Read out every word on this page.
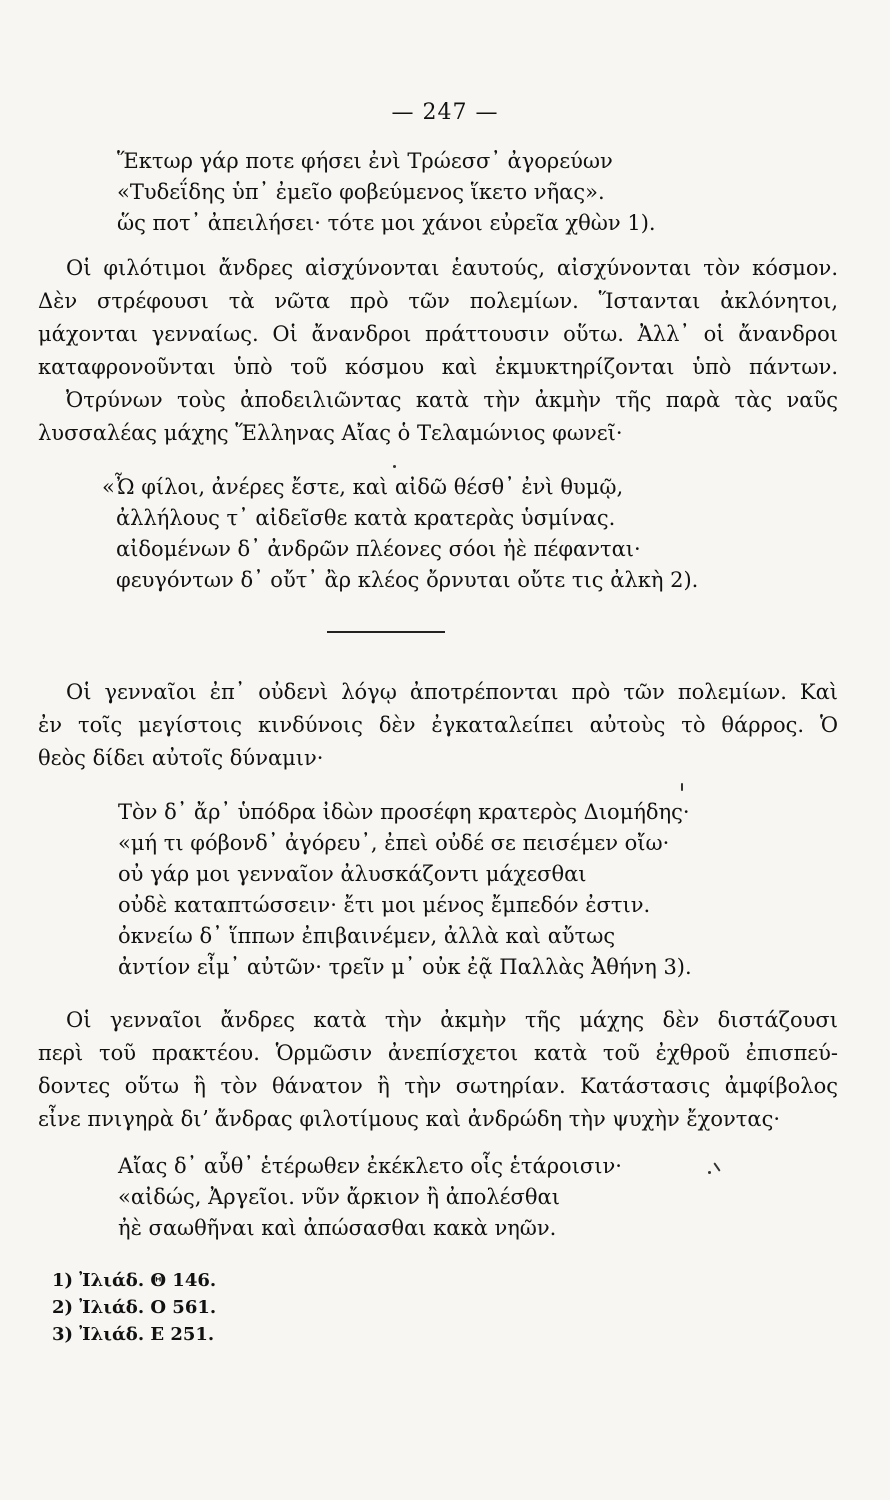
— 247 —
Ἕκτωρ γάρ ποτε φήσει ἐνὶ Τρώεσσ᾽ ἀγορεύων
«Τυδεΐδης ὑπ᾽ ἐμεῖο φοβεύμενος ἵκετο νῆας».
ὥς ποτ᾽ ἀπειλήσει· τότε μοι χάνοι εὐρεῖα χθὼν 1).
Οἱ φιλότιμοι ἄνδρες αἰσχύνονται ἑαυτούς, αἰσχύνονται τὸν κόσμον.
Δὲν στρέφουσι τὰ νῶτα πρὸ τῶν πολεμίων. Ἵστανται ἀκλόνητοι,
μάχονται γενναίως. Οἱ ἄνανδροι πράττουσιν οὕτω. Ἀλλ᾽ οἱ ἄνανδροι
καταφρονοῦνται ὑπὸ τοῦ κόσμου καὶ ἐκμυκτηρίζονται ὑπὸ πάντων.
Ὀτρύνων τοὺς ἀποδειλιῶντας κατὰ τὴν ἀκμὴν τῆς παρὰ τὰς ναῦς
λυσσαλέας μάχης Ἕλληνας Αἴας ὁ Τελαμώνιος φωνεῖ·
«Ὦ φίλοι, ἀνέρες ἔστε, καὶ αἰδῶ θέσθ᾽ ἐνὶ θυμῷ,
ἀλλήλους τ᾽ αἰδεῖσθε κατὰ κρατερὰς ὑσμίνας.
αἰδομένων δ᾽ ἀνδρῶν πλέονες σόοι ἠὲ πέφανται·
φευγόντων δ᾽ οὔτ᾽ ἂρ κλέος ὄρνυται οὔτε τις ἀλκὴ 2).
Οἱ γενναῖοι ἐπ᾽ οὐδενὶ λόγῳ ἀποτρέπονται πρὸ τῶν πολεμίων. Καὶ
ἐν τοῖς μεγίστοις κινδύνοις δὲν ἐγκαταλείπει αὐτοὺς τὸ θάρρος. Ὁ
θεὸς δίδει αὐτοῖς δύναμιν·
Τὸν δ᾽ ἄρ᾽ ὑπόδρα ἰδὼν προσέφη κρατερὸς Διομήδης·
«μή τι φόβονδ᾽ ἀγόρευ᾽, ἐπεὶ οὐδέ σε πεισέμεν οἴω·
οὐ γάρ μοι γενναῖον ἀλυσκάζοντι μάχεσθαι
οὐδὲ καταπτώσσειν· ἔτι μοι μένος ἔμπεδόν ἐστιν.
ὀκνείω δ᾽ ἵππων ἐπιβαινέμεν, ἀλλὰ καὶ αὔτως
ἀντίον εἶμ᾽ αὐτῶν· τρεῖν μ᾽ οὐκ ἐᾷ Παλλὰς Ἀθήνη 3).
Οἱ γενναῖοι ἄνδρες κατὰ τὴν ἀκμὴν τῆς μάχης δὲν διστάζουσι
περὶ τοῦ πρακτέου. Ὁρμῶσιν ἀνεπίσχετοι κατὰ τοῦ ἐχθροῦ ἐπισπεύ-
δοντες οὕτω ἢ τὸν θάνατον ἢ τὴν σωτηρίαν. Κατάστασις ἀμφίβολος
εἶνε πνιγηρὰ διʼ ἄνδρας φιλοτίμους καὶ ἀνδρώδη τὴν ψυχὴν ἔχοντας·
Αἴας δ᾽ αὖθ᾽ ἑτέρωθεν ἐκέκλετο οἷς ἑτάροισιν·
«αἰδώς, Ἀργεῖοι. νῦν ἄρκιον ἢ ἀπολέσθαι
ἠὲ σαωθῆναι καὶ ἀπώσασθαι κακὰ νηῶν.
1) Ἰλιάδ. Θ 146.
2) Ἰλιάδ. Ο 561.
3) Ἰλιάδ. Ε 251.
